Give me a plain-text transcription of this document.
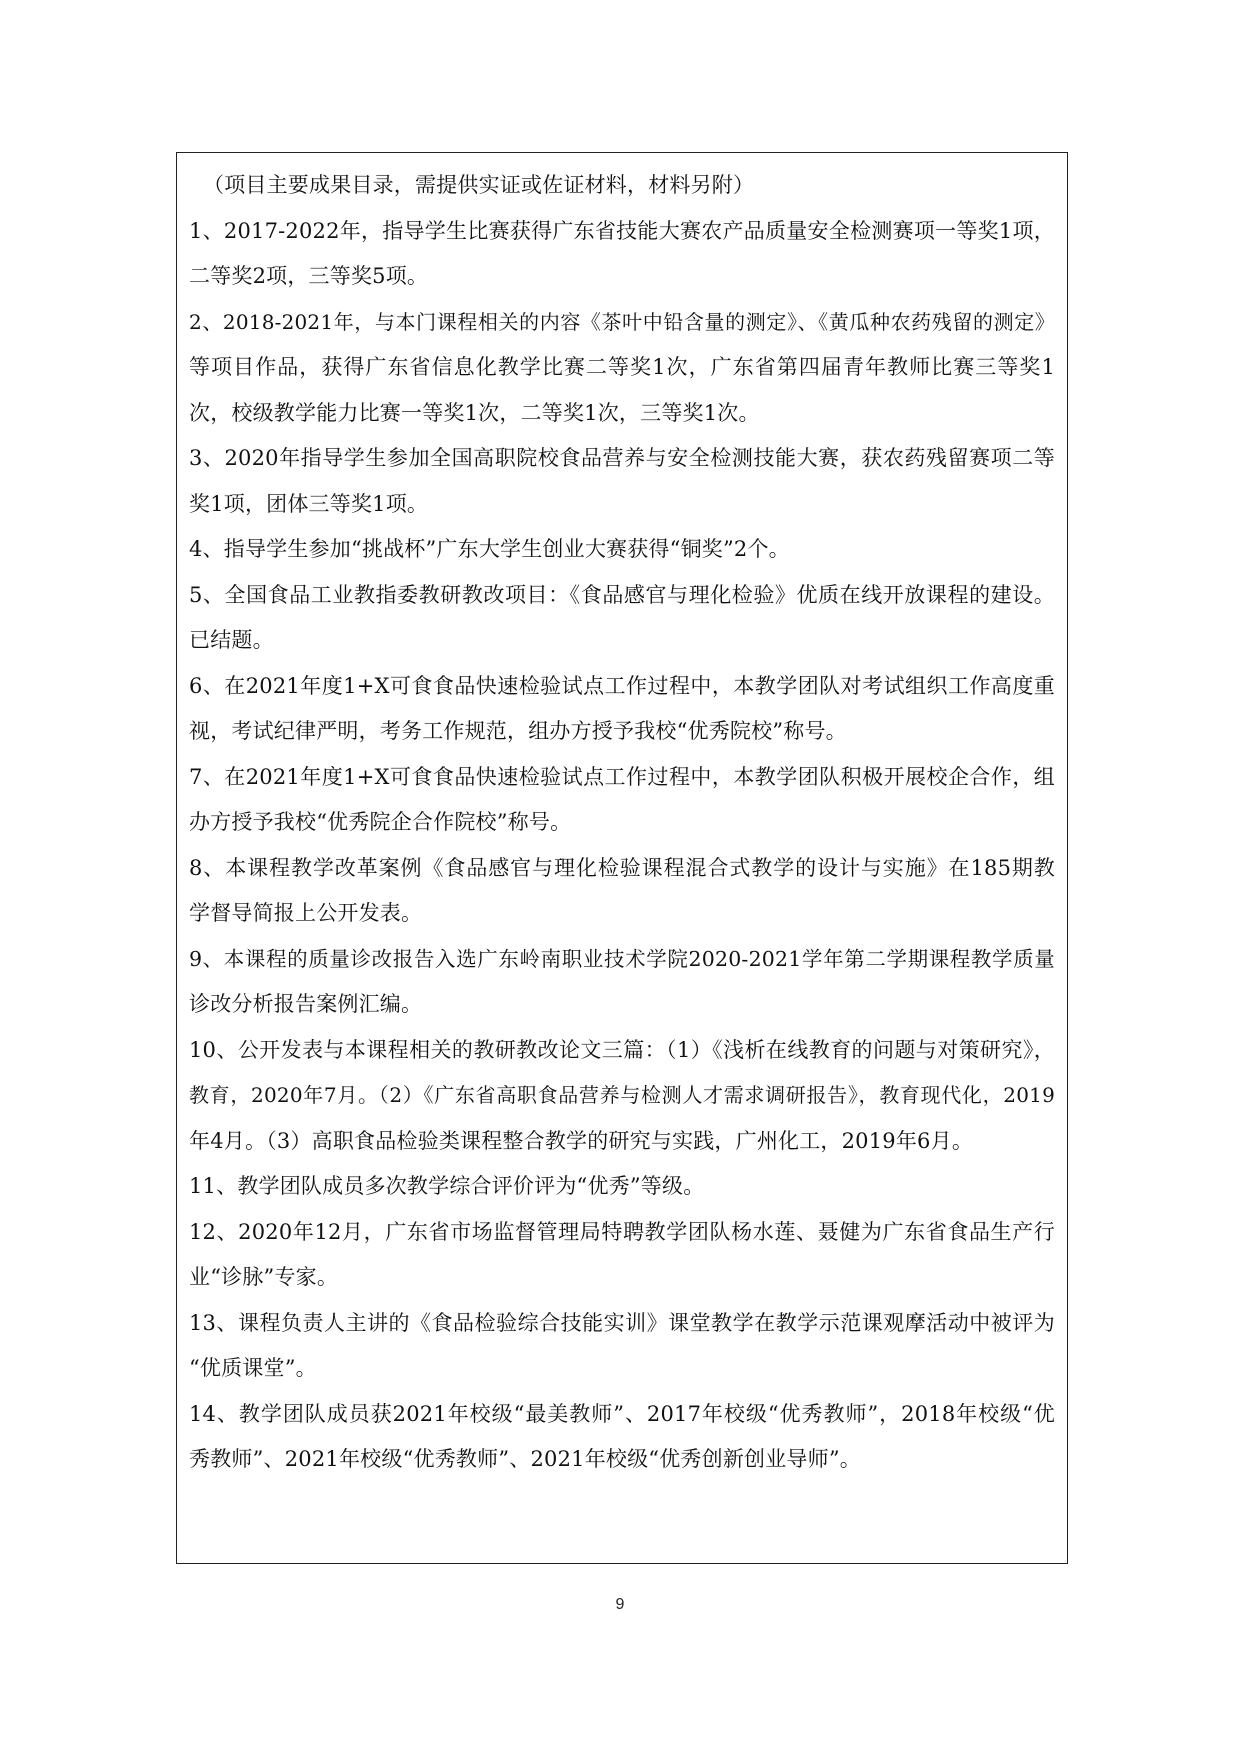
（项目主要成果目录，需提供实证或佐证材料，材料另附）
1、2017-2022年，指导学生比赛获得广东省技能大赛农产品质量安全检测赛项一等奖1项，
二等奖2项，三等奖5项。
2、2018-2021年，与本门课程相关的内容《茶叶中铅含量的测定》、《黄瓜种农药残留的测定》
等项目作品，获得广东省信息化教学比赛二等奖1次，广东省第四届青年教师比赛三等奖1
次，校级教学能力比赛一等奖1次，二等奖1次，三等奖1次。
3、2020年指导学生参加全国高职院校食品营养与安全检测技能大赛，获农药残留赛项二等
奖1项，团体三等奖1项。
4、指导学生参加“挑战杯”广东大学生创业大赛获得“铜奖”2个。
5、全国食品工业教指委教研教改项目：《食品感官与理化检验》优质在线开放课程的建设。
已结题。
6、在2021年度1+X可食食品快速检验试点工作过程中，本教学团队对考试组织工作高度重
视，考试纪律严明，考务工作规范，组办方授予我校“优秀院校”称号。
7、在2021年度1+X可食食品快速检验试点工作过程中，本教学团队积极开展校企合作，组
办方授予我校“优秀院企合作院校”称号。
8、本课程教学改革案例《食品感官与理化检验课程混合式教学的设计与实施》在185期教
学督导简报上公开发表。
9、本课程的质量诊改报告入选广东岭南职业技术学院2020-2021学年第二学期课程教学质量
诊改分析报告案例汇编。
10、公开发表与本课程相关的教研教改论文三篇：（1）《浅析在线教育的问题与对策研究》，
教育，2020年7月。（2）《广东省高职食品营养与检测人才需求调研报告》，教育现代化，2019
年4月。（3）高职食品检验类课程整合教学的研究与实践，广州化工，2019年6月。
11、教学团队成员多次教学综合评价评为“优秀”等级。
12、2020年12月，广东省市场监督管理局特聘教学团队杨水莲、聂健为广东省食品生产行
业“诊脉”专家。
13、课程负责人主讲的《食品检验综合技能实训》课堂教学在教学示范课观摩活动中被评为
“优质课堂”。
14、教学团队成员获2021年校级“最美教师”、2017年校级“优秀教师”，2018年校级“优
秀教师”、2021年校级“优秀教师”、2021年校级“优秀创新创业导师”。
9
